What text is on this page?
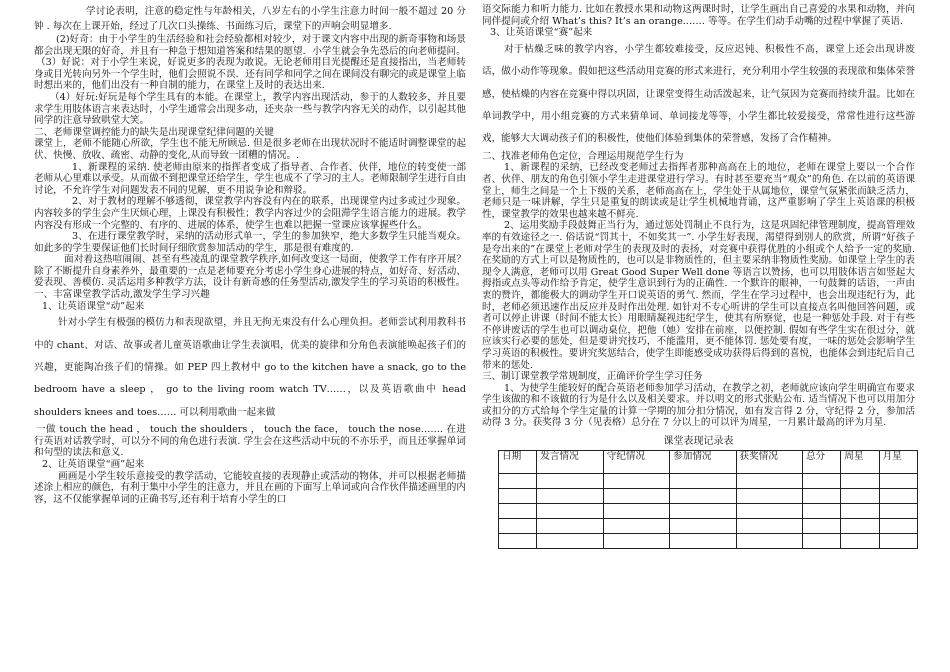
学讨论表明，注意的稳定性与年龄相关，八岁左右的小学生注意力时间一般不超过 20 分钟 . 每次在上课开始，经过了几次口头操练、书面练习后，课堂下的声响会明显增多.

(2)好奇：由于小学生的生活经验和社会经验都相对较少，对于课文内容中出现的新奇事物和场景都会出现无限的好奇，并且有一种急于想知道答案和结果的愿望．小学生就会争先恐后的向老师提问。

（3）好说：对于小学生来说，好说更多的表现为敢说。无论老师用目光提醒还是直接指出，当老师转身或目光转向另外一个学生时，他们会照说不误．还有同学和同学之间在课间没有聊完的或是课堂上临时想出来的，他们出没有一种自制的能力，在课堂上及时的表达出来.

（4）好玩:好玩是每个学生具有的本能。在课堂上，教学内容出现活动，参于的人数较多，并且要求学生用肢体语言来表达时，小学生通常会出现多动，还夹杂一些与教学内容无关的动作，以引起其他同学的注意导致哄堂大笑。

二、老师课堂调控能力的缺失是出现课堂纪律问题的关键

课堂上，老师不能随心所欲，学生也不能无所顾忌. 但是很多老师在出现状况时不能适时调整课堂的起伏、快慢、放收、疏密、动静的变化,从而导致一团糟的情况。.

1、新课程的采纳. 使老师由原来的指挥者变成了指导者、合作者、伙伴，地位的转变使一部老师从心里难以承受。从而做不到把课堂还给学生，学生也成不了学习的主人。老师限制学生进行自由讨论，不允许学生对问题发表不同的见解，更不用说争论和辩驳。

2、对于教材的理解不够透彻，课堂教学内容没有内在的联系，出现课堂内过多或过少现象。内容较多的学生会产生厌烦心理，上课没有积极性；教学内容过少的会阻滞学生语言能力的进展。教学内容没有形成一个完整的、有序的、进展的体系，使学生也难以把握一堂课应该掌握些什么。

3、在进行课堂教学时，采纳的活动形式单一，学生的参加狭窄，绝大多数学生只能当观众。如此多的学生要保证他们长时间仔细欣赏参加活动的学生，那是很有难度的.

面对着这热喧闹闹、甚至有些凌乱的课堂教学秩序,如何改变这一局面，使教学工作有序开展？除了不断提升自身素养外，最重要的一点是老师要充分考虑小学生身心进展的特点，如好奇、好活动、爱表现、善模仿. 灵活运用多种教学方法，设计有新奇感的任务型活动,激发学生的学习英语的积极性。

一、丰富课堂教学活动,激发学生学习兴趣

1、让英语课堂“动”起来

针对小学生有极强的模仿力和表现欲望，并且无拘无束没有什么心理负担。老师尝试利用教科书中的 chant、对话、故事或者儿童英语歌曲让学生表演唱，优美的旋律和分角色表演能唤起孩子们的兴趣，更能陶冶孩子们的情操。如 PEP 四上教材中 go to the kitchen have a snack, go to the bedroom have a sleep ， go to the living room watch TV……，以及英语歌曲中 head shoulders knees and toes…… 可以利用歌曲一起来做

一做 touch the head ， touch the shoulders ， touch the face， touch the nose……. 在进行英语对话教学时，可以分不同的角色进行表演. 学生会在这些活动中玩的不亦乐乎，而且还掌握单词和句型的读法和意义.

2、让英语课堂“画”起来

画画是小学生较乐意接受的教学活动，它能较直接的表现静止或活动的物体，并可以根据老师描述涂上相应的颜色，有利于集中小学生的注意力，并且在画的下面写上单词或向合作伙伴描述画里的内容，这不仅能掌握单词的正确书写,还有利于培育小学生的口

语交际能力和听力能力. 比如在教授水果和动物这两课时时，让学生画出自己喜爱的水果和动物，并向同伴提问或介绍 What’s this? It’s an orange.…… 等等。在学生们动手动嘴的过程中掌握了英语.

3、让英语课堂“赛”起来

对于枯燥乏味的教学内容，小学生都较难接受，反应迟钝、积极性不高，课堂上还会出现讲废话，做小动作等现象。假如把这些活动用竞赛的形式来进行，充分利用小学生较强的表现欲和集体荣誉感，使枯燥的内容在竞赛中得以巩固，让课堂变得生动活泼起来，让气氛因为竞赛而持续升温。比如在单词教学中，用小组竞赛的方式来猜单词、单词接龙等等，小学生都比较爱接受，常常性进行这些游戏，能够大大调动孩子们的积极性，使他们体验到集体的荣誉感，发扬了合作精神。

二、找准老师角色定位，合理运用规范学生行为

1、新课程的采纳，已经改变老师过去指挥者那种高高在上的地位，老师在课堂上要以一个合作者、伙伴、朋友的角色引领小学生走进课堂进行学习。有时甚至要充当“观众”的角色. 在以前的英语课堂上，师生之间是一个上下级的关系，老师高高在上，学生处于从属地位，课堂气氛紧张而缺乏活力，老师只是一味讲解，学生只是重复的朗读或是让学生机械地背诵，这严重影响了学生上英语课的积极性，课堂教学的效果也越来越不鲜亮.

2、运用奖励手段鼓舞正当行为，通过惩处罚制止不良行为，这是巩固纪律管理制度，提高管理效率的有效途径之一. 俗话说“罚其十，不如奖其一”. 小学生好表现，渴望得到别人的欣赏，所谓“好孩子是夸出来的”在课堂上老师对学生的表现及时的表扬，对竞赛中获得优胜的小组或个人给予一定的奖励. 在奖励的方式上可以是物质性的，也可以是非物质性的，但主要采纳非物质性奖励。如课堂上学生的表现令人满意，老师可以用 Great Good Super Well done 等语言以赞扬，也可以用肢体语言如竖起大拇指或点头等动作给予肯定，使学生意识到行为的正确性. 一个默许的眼神，一句鼓舞的话语，一声由衷的赞许，都能极大的调动学生开口说英语的勇气. 然而，学生在学习过程中，也会出现违纪行为，此时，老师必须迅速作出反应并及时作出处理. 如针对不专心听讲的学生可以直接点名叫他回答问题，或者可以停止讲课（时间不能太长）用眼睛凝视违纪学生，使其有所察觉，也是一种惩处手段. 对于有些不停讲废话的学生也可以调动桌位，把他（她）安排在前座，以便控制. 假如有些学生实在很过分，就应该实行必要的惩处，但是要讲究技巧，不能滥用，更不能体罚. 惩处要有度，一味的惩处会影响学生学习英语的积极性。要讲究奖惩结合，使学生即能感受成功获得后得到的喜悦，也能体会到违纪后自己带来的惩处.

三、制订课堂教学常规制度，正确评价学生学习任务

1、为使学生能较好的配合英语老师参加学习活动，在教学之初，老师就应该向学生明确宣布要求学生该做的和不该做的行为是什么以及相关要求。并以明文的形式张贴公布. 适当情况下也可以用加分或扣分的方式给每个学生定量的计算一学期的加分扣分情况，如有发言得 2 分，守纪得 2 分，参加活动得 3 分。获奖得 3 分（见表格）总分在 7 分以上的可以评为周星，一月累计最高的评为月星.

课堂表现记录表
日期	发言情况	守纪情况	参加情况	获奖情况	总分	周星	月星
